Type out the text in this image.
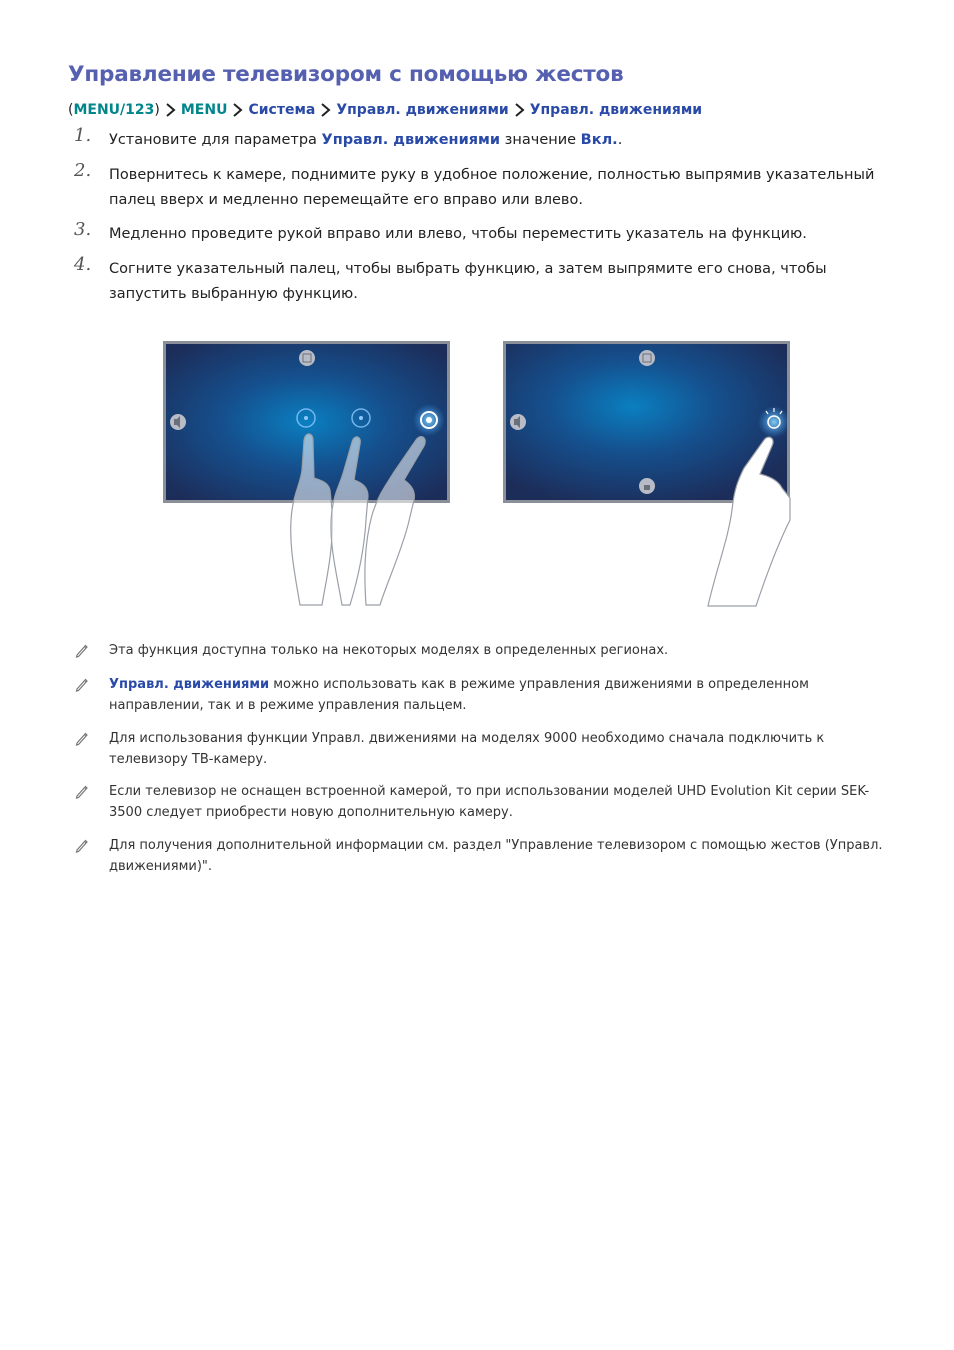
Управление телевизором с помощью жестов
( MENU/123 ) MENU Система Управл. движениями Управл. движениями
1.	Установите для параметра Управл. движениями значение Вкл..
2.	Повернитесь к камере, поднимите руку в удобное положение, полностью выпрямив указательный палец вверх и медленно перемещайте его вправо или влево.
3.	Медленно проведите рукой вправо или влево, чтобы переместить указатель на функцию.
4.	Согните указательный палец, чтобы выбрать функцию, а затем выпрямите его снова, чтобы запустить выбранную функцию.
Эта функция доступна только на некоторых моделях в определенных регионах.
Управл. движениями можно использовать как в режиме управления движениями в определенном направлении, так и в режиме управления пальцем.
Для использования функции Управл. движениями на моделях 9000 необходимо сначала подключить к телевизору ТВ-камеру.
Если телевизор не оснащен встроенной камерой, то при использовании моделей UHD Evolution Kit серии SEK-3500 следует приобрести новую дополнительную камеру.
Для получения дополнительной информации см. раздел "Управление телевизором с помощью жестов (Управл. движениями)".
